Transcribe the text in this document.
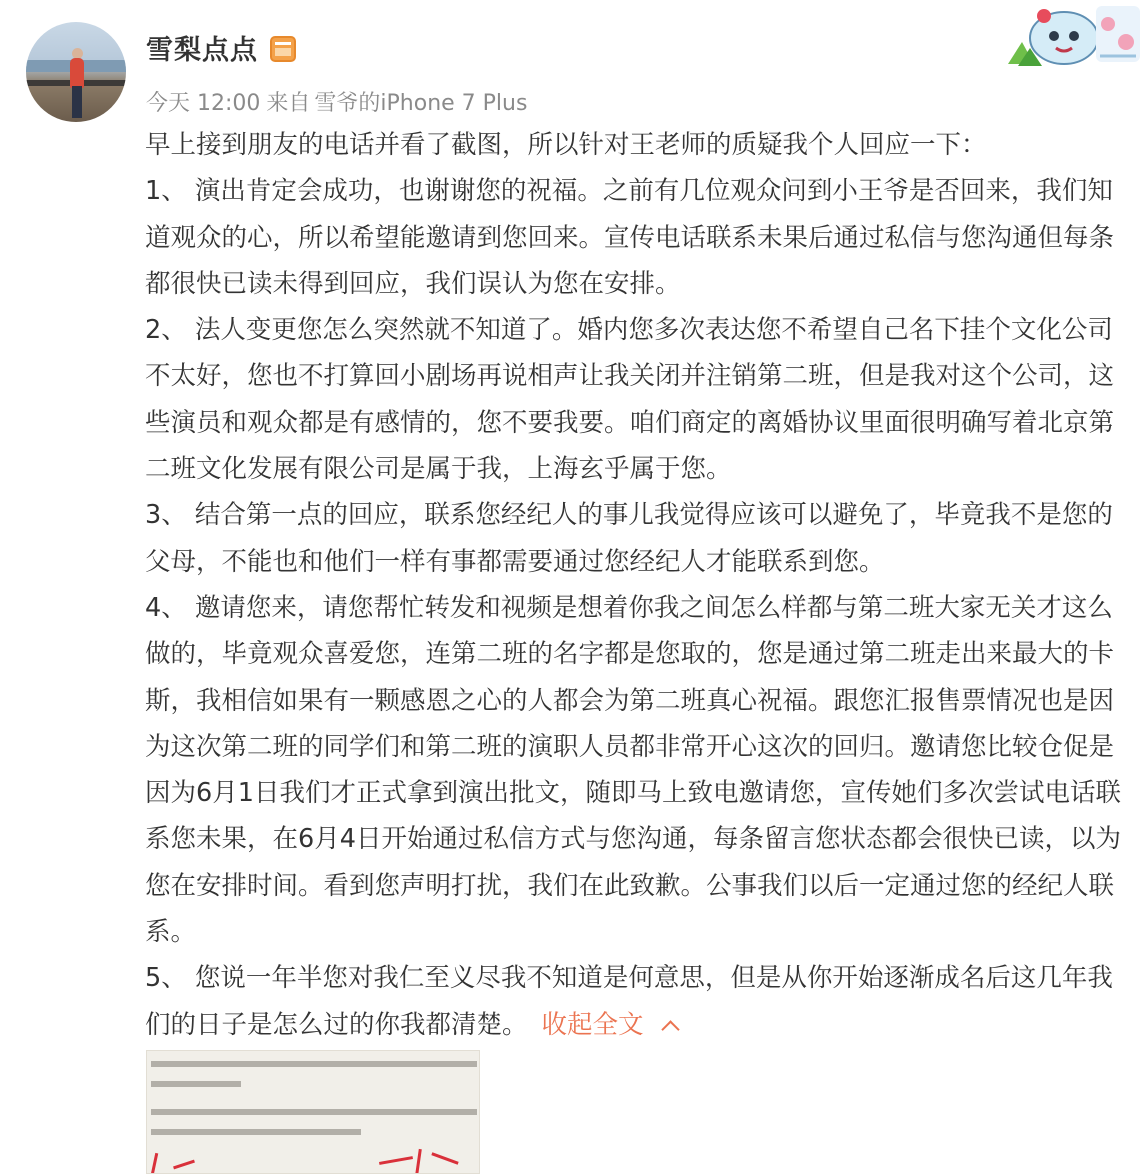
雪梨点点
今天 12:00 来自 雪爷的iPhone 7 Plus

早上接到朋友的电话并看了截图，所以针对王老师的质疑我个人回应一下：

1、 演出肯定会成功，也谢谢您的祝福。之前有几位观众问到小王爷是否回来，我们知道观众的心，所以希望能邀请到您回来。宣传电话联系未果后通过私信与您沟通但每条都很快已读未得到回应，我们误认为您在安排。

2、 法人变更您怎么突然就不知道了。婚内您多次表达您不希望自己名下挂个文化公司不太好，您也不打算回小剧场再说相声让我关闭并注销第二班，但是我对这个公司，这些演员和观众都是有感情的，您不要我要。咱们商定的离婚协议里面很明确写着北京第二班文化发展有限公司是属于我，上海玄乎属于您。

3、 结合第一点的回应，联系您经纪人的事儿我觉得应该可以避免了，毕竟我不是您的父母，不能也和他们一样有事都需要通过您经纪人才能联系到您。

4、 邀请您来，请您帮忙转发和视频是想着你我之间怎么样都与第二班大家无关才这么做的，毕竟观众喜爱您，连第二班的名字都是您取的，您是通过第二班走出来最大的卡斯，我相信如果有一颗感恩之心的人都会为第二班真心祝福。跟您汇报售票情况也是因为这次第二班的同学们和第二班的演职人员都非常开心这次的回归。邀请您比较仓促是因为6月1日我们才正式拿到演出批文，随即马上致电邀请您，宣传她们多次尝试电话联系您未果，在6月4日开始通过私信方式与您沟通，每条留言您状态都会很快已读，以为您在安排时间。看到您声明打扰，我们在此致歉。公事我们以后一定通过您的经纪人联系。

5、 您说一年半您对我仁至义尽我不知道是何意思，但是从你开始逐渐成名后这几年我们的日子是怎么过的你我都清楚。 收起全文
